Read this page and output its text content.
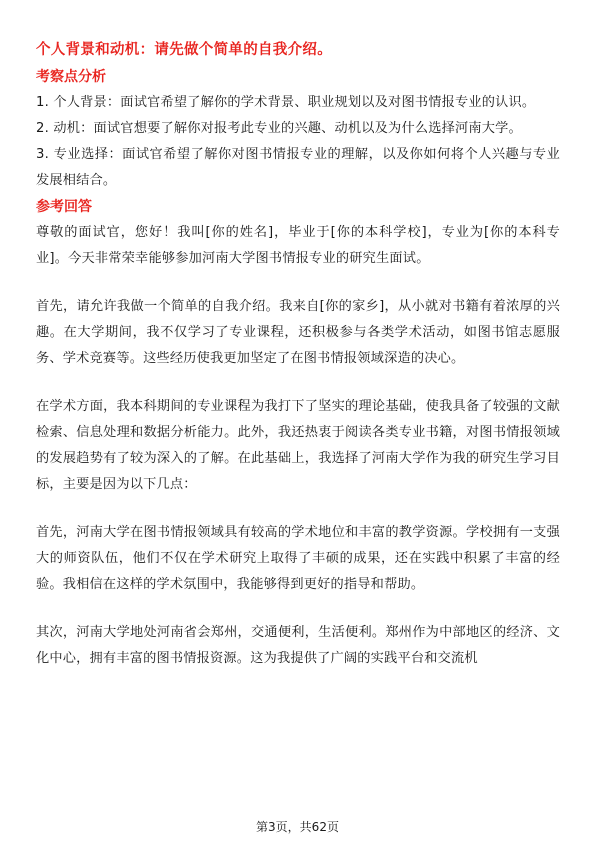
个人背景和动机：请先做个简单的自我介绍。
考察点分析

1. 个人背景：面试官希望了解你的学术背景、职业规划以及对图书情报专业的认识。

2. 动机：面试官想要了解你对报考此专业的兴趣、动机以及为什么选择河南大学。

3. 专业选择：面试官希望了解你对图书情报专业的理解，以及你如何将个人兴趣与专业发展相结合。

参考回答

尊敬的面试官，您好！我叫[你的姓名]，毕业于[你的本科学校]，专业为[你的本科专业]。今天非常荣幸能够参加河南大学图书情报专业的研究生面试。

首先，请允许我做一个简单的自我介绍。我来自[你的家乡]，从小就对书籍有着浓厚的兴趣。在大学期间，我不仅学习了专业课程，还积极参与各类学术活动，如图书馆志愿服务、学术竞赛等。这些经历使我更加坚定了在图书情报领域深造的决心。

在学术方面，我本科期间的专业课程为我打下了坚实的理论基础，使我具备了较强的文献检索、信息处理和数据分析能力。此外，我还热衷于阅读各类专业书籍，对图书情报领域的发展趋势有了较为深入的了解。在此基础上，我选择了河南大学作为我的研究生学习目标，主要是因为以下几点：

首先，河南大学在图书情报领域具有较高的学术地位和丰富的教学资源。学校拥有一支强大的师资队伍，他们不仅在学术研究上取得了丰硕的成果，还在实践中积累了丰富的经验。我相信在这样的学术氛围中，我能够得到更好的指导和帮助。

其次，河南大学地处河南省会郑州，交通便利，生活便利。郑州作为中部地区的经济、文化中心，拥有丰富的图书情报资源。这为我提供了广阔的实践平台和交流机

第3页，共62页
